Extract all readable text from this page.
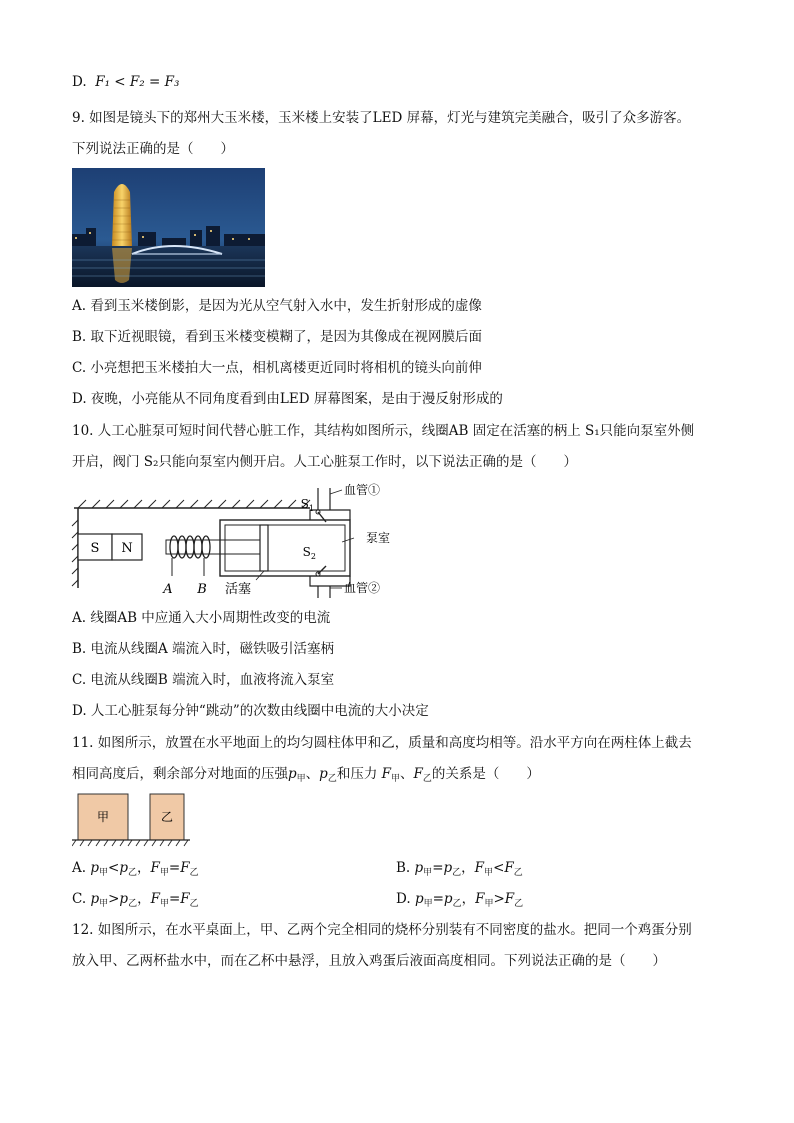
D. F₁ < F₂ = F₃
9. 如图是镜头下的郑州大玉米楼，玉米楼上安装了LED 屏幕，灯光与建筑完美融合，吸引了众多游客。
下列说法正确的是（　　）
A. 看到玉米楼倒影，是因为光从空气射入水中，发生折射形成的虚像
B. 取下近视眼镜，看到玉米楼变模糊了，是因为其像成在视网膜后面
C. 小亮想把玉米楼拍大一点，相机离楼更近同时将相机的镜头向前伸
D. 夜晚，小亮能从不同角度看到由LED 屏幕图案，是由于漫反射形成的
10. 人工心脏泵可短时间代替心脏工作，其结构如图所示，线圈AB 固定在活塞的柄上 S₁只能向泵室外侧
开启，阀门 S₂只能向泵室内侧开启。人工心脏泵工作时，以下说法正确的是（　　）
S N
A B 活塞
$S_1$
血管①
$S_2$
血管②
泵室
A. 线圈AB 中应通入大小周期性改变的电流
B. 电流从线圈A 端流入时，磁铁吸引活塞柄
C. 电流从线圈B 端流入时，血液将流入泵室
D. 人工心脏泵每分钟“跳动”的次数由线圈中电流的大小决定
11. 如图所示，放置在水平地面上的均匀圆柱体甲和乙，质量和高度均相等。沿水平方向在两柱体上截去
相同高度后，剩余部分对地面的压强$p_甲$、$p_乙$和压力 $F_甲$、$F_乙$的关系是（　　）
甲	乙
A. $p_甲<p_乙$，$F_甲=F_乙$	B. $p_甲=p_乙$，$F_甲<F_乙$
C. $p_甲>p_乙$，$F_甲=F_乙$	D. $p_甲=p_乙$，$F_甲>F_乙$
12. 如图所示，在水平桌面上，甲、乙两个完全相同的烧杯分别装有不同密度的盐水。把同一个鸡蛋分别
放入甲、乙两杯盐水中，而在乙杯中悬浮，且放入鸡蛋后液面高度相同。下列说法正确的是（　　）
